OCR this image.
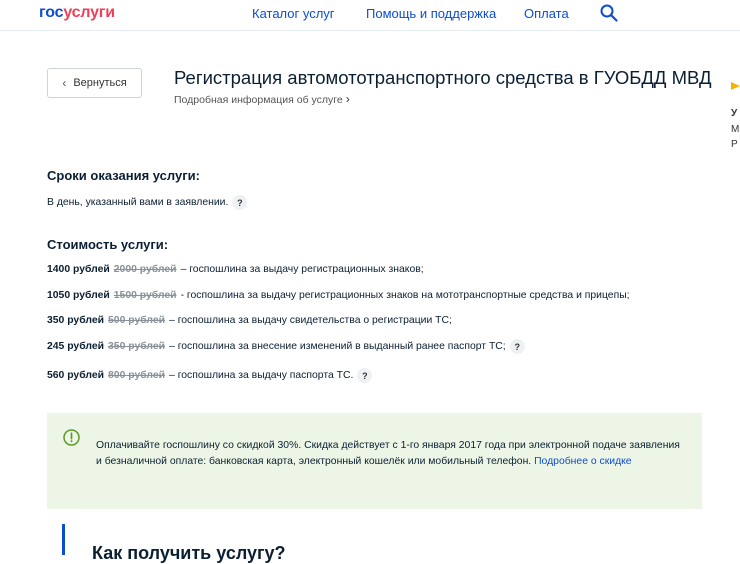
госуслуги	Каталог услуг Помощь и поддержка Оплата
‹ Вернуться	Регистрация автомототранспортного средства в ГУОБДД МВД
Подробная информация об услуге ›
У
М
Р
Сроки оказания услуги:
В день, указанный вами в заявлении. ?
Стоимость услуги:
1400 рублей 2000 рублей – госпошлина за выдачу регистрационных знаков;
1050 рублей 1500 рублей - госпошлина за выдачу регистрационных знаков на мототранспортные средства и прицепы;
350 рублей 500 рублей – госпошлина за выдачу свидетельства о регистрации ТС;
245 рублей 350 рублей – госпошлина за внесение изменений в выданный ранее паспорт ТС; ?
560 рублей 800 рублей – госпошлина за выдачу паспорта ТС. ?
Оплачивайте госпошлину со скидкой 30%. Скидка действует с 1-го января 2017 года при электронной подаче заявления и безналичной оплате: банковская карта, электронный кошелёк или мобильный телефон. Подробнее о скидке
Как получить услугу?
